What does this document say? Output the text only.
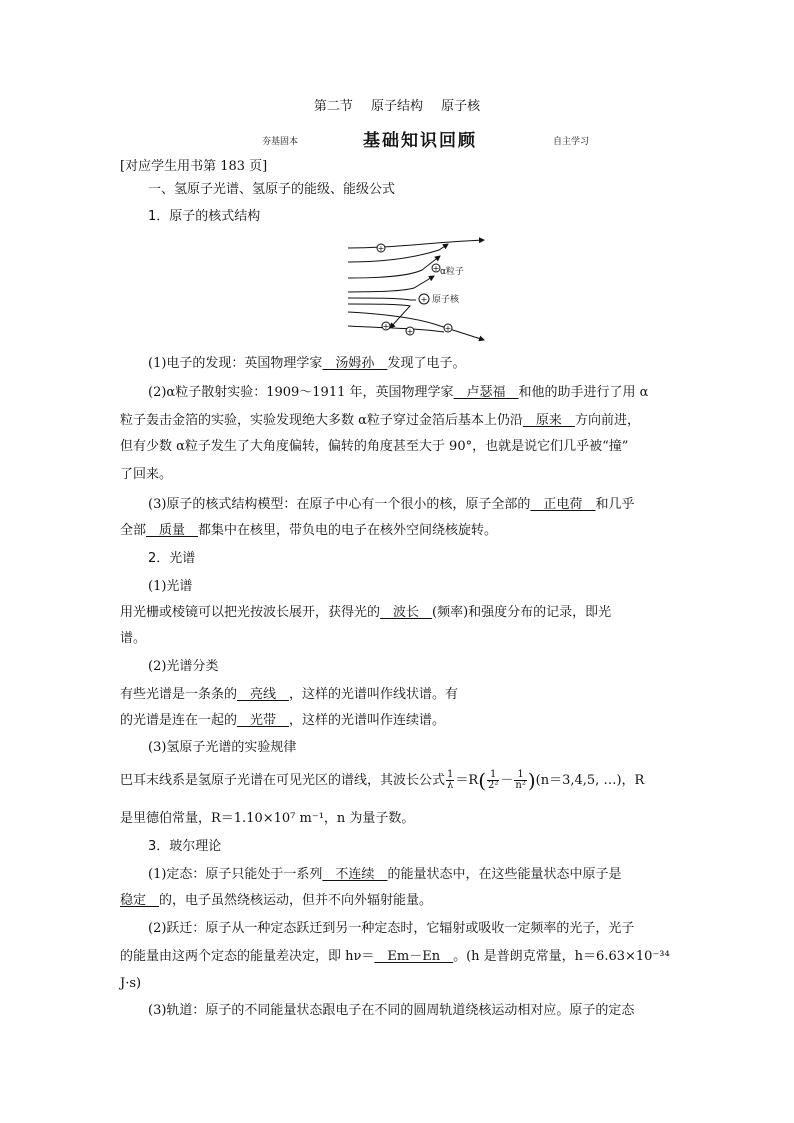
第二节 原子结构 原子核
夯基固本	基础知识回顾	自主学习
[对应学生用书第 183 页]
一、氢原子光谱、氢原子的能级、能级公式
1．原子的核式结构
+
+
+
+
+	+
α粒子
原子核
(1)电子的发现：英国物理学家　汤姆孙　发现了电子。
(2)α粒子散射实验：1909～1911 年，英国物理学家　卢瑟福　和他的助手进行了用 α
粒子轰击金箔的实验，实验发现绝大多数 α粒子穿过金箔后基本上仍沿　原来　方向前进，
但有少数 α粒子发生了大角度偏转，偏转的角度甚至大于 90°，也就是说它们几乎被“撞”
了回来。
(3)原子的核式结构模型：在原子中心有一个很小的核，原子全部的　正电荷　和几乎
全部　质量　都集中在核里，带负电的电子在核外空间绕核旋转。
2．光谱
(1)光谱
用光栅或棱镜可以把光按波长展开，获得光的　波长　(频率)和强度分布的记录，即光
谱。
(2)光谱分类
有些光谱是一条条的　亮线　，这样的光谱叫作线状谱。有
的光谱是连在一起的　光带　，这样的光谱叫作连续谱。
(3)氢原子光谱的实验规律
巴耳末线系是氢原子光谱在可见光区的谱线，其波长公式 $\frac{1}{\lambda} =R( \frac{1}{\text{2²}} - \frac{1}{\text{n²}} )(n=3,4,5$, …)，R
是里德伯常量，R＝1.10×10⁷ m⁻¹，n 为量子数。
3．玻尔理论
(1)定态：原子只能处于一系列　不连续　的能量状态中，在这些能量状态中原子是
稳定　的，电子虽然绕核运动，但并不向外辐射能量。
(2)跃迁：原子从一种定态跃迁到另一种定态时，它辐射或吸收一定频率的光子，光子
的能量由这两个定态的能量差决定，即 hν＝　Em－En　。(h 是普朗克常量，h＝6.63×10⁻³⁴
J·s)
(3)轨道：原子的不同能量状态跟电子在不同的圆周轨道绕核运动相对应。原子的定态
